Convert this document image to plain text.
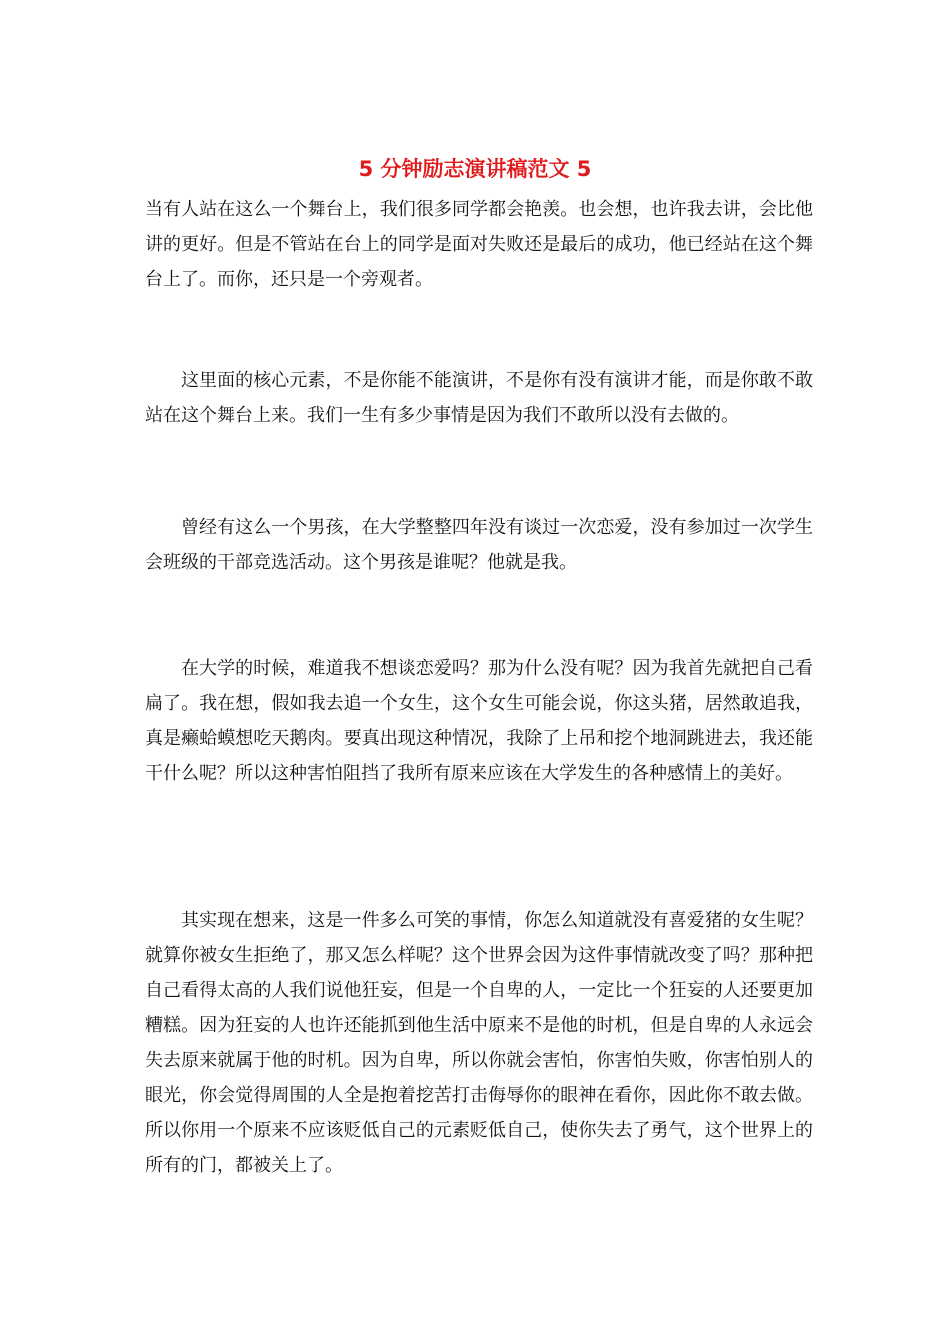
5 分钟励志演讲稿范文 5

当有人站在这么一个舞台上，我们很多同学都会艳羡。也会想，也许我去讲，会比他讲的更好。但是不管站在台上的同学是面对失败还是最后的成功，他已经站在这个舞台上了。而你，还只是一个旁观者。

这里面的核心元素，不是你能不能演讲，不是你有没有演讲才能，而是你敢不敢站在这个舞台上来。我们一生有多少事情是因为我们不敢所以没有去做的。

曾经有这么一个男孩，在大学整整四年没有谈过一次恋爱，没有参加过一次学生会班级的干部竞选活动。这个男孩是谁呢？他就是我。

在大学的时候，难道我不想谈恋爱吗？那为什么没有呢？因为我首先就把自己看扁了。我在想，假如我去追一个女生，这个女生可能会说，你这头猪，居然敢追我，真是癞蛤蟆想吃天鹅肉。要真出现这种情况，我除了上吊和挖个地洞跳进去，我还能干什么呢？所以这种害怕阻挡了我所有原来应该在大学发生的各种感情上的美好。

其实现在想来，这是一件多么可笑的事情，你怎么知道就没有喜爱猪的女生呢？就算你被女生拒绝了，那又怎么样呢？这个世界会因为这件事情就改变了吗？那种把自己看得太高的人我们说他狂妄，但是一个自卑的人，一定比一个狂妄的人还要更加糟糕。因为狂妄的人也许还能抓到他生活中原来不是他的时机，但是自卑的人永远会失去原来就属于他的时机。因为自卑，所以你就会害怕，你害怕失败，你害怕别人的眼光，你会觉得周围的人全是抱着挖苦打击侮辱你的眼神在看你，因此你不敢去做。所以你用一个原来不应该贬低自己的元素贬低自己，使你失去了勇气，这个世界上的所有的门，都被关上了。
